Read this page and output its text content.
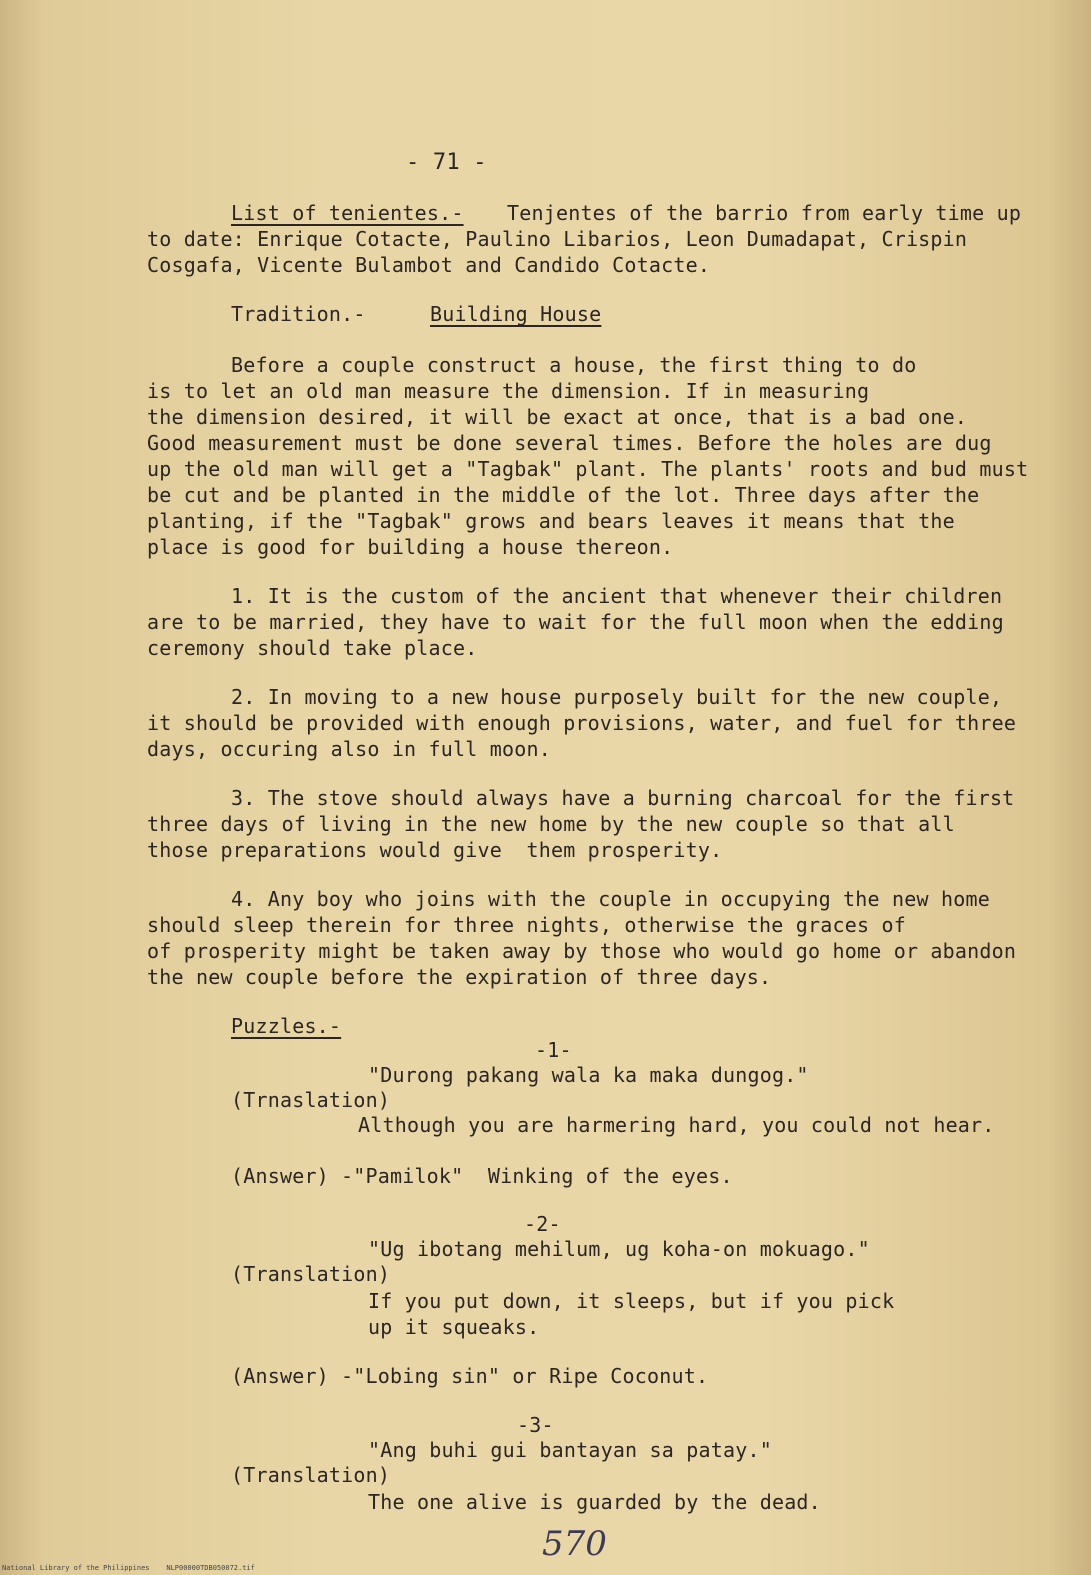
- 71 -
List of tenientes.- Tenjentes of the barrio from early time up
to date: Enrique Cotacte, Paulino Libarios, Leon Dumadapat, Crispin
Cosgafa, Vicente Bulambot and Candido Cotacte.
Tradition.-	Building House
Before a couple construct a house, the first thing to do
is to let an old man measure the dimension. If in measuring
the dimension desired, it will be exact at once, that is a bad one.
Good measurement must be done several times. Before the holes are dug
up the old man will get a "Tagbak" plant. The plants' roots and bud must
be cut and be planted in the middle of the lot. Three days after the
planting, if the "Tagbak" grows and bears leaves it means that the
place is good for building a house thereon.
1. It is the custom of the ancient that whenever their children
are to be married, they have to wait for the full moon when the edding
ceremony should take place.
2. In moving to a new house purposely built for the new couple,
it should be provided with enough provisions, water, and fuel for three
days, occuring also in full moon.
3. The stove should always have a burning charcoal for the first
three days of living in the new home by the new couple so that all
those preparations would give  them prosperity.
4. Any boy who joins with the couple in occupying the new home
should sleep therein for three nights, otherwise the graces of
of prosperity might be taken away by those who would go home or abandon
the new couple before the expiration of three days.
Puzzles.-
-1-
"Durong pakang wala ka maka dungog."
(Trnaslation)
Although you are harmering hard, you could not hear.
(Answer) -"Pamilok"  Winking of the eyes.
-2-
"Ug ibotang mehilum, ug koha-on mokuago."
(Translation)
If you put down, it sleeps, but if you pick
up it squeaks.
(Answer) -"Lobing sin" or Ripe Coconut.
-3-
"Ang buhi gui bantayan sa patay."
(Translation)
The one alive is guarded by the dead.
570
National Library of the Philippines    NLP00000TDB050072.tif
